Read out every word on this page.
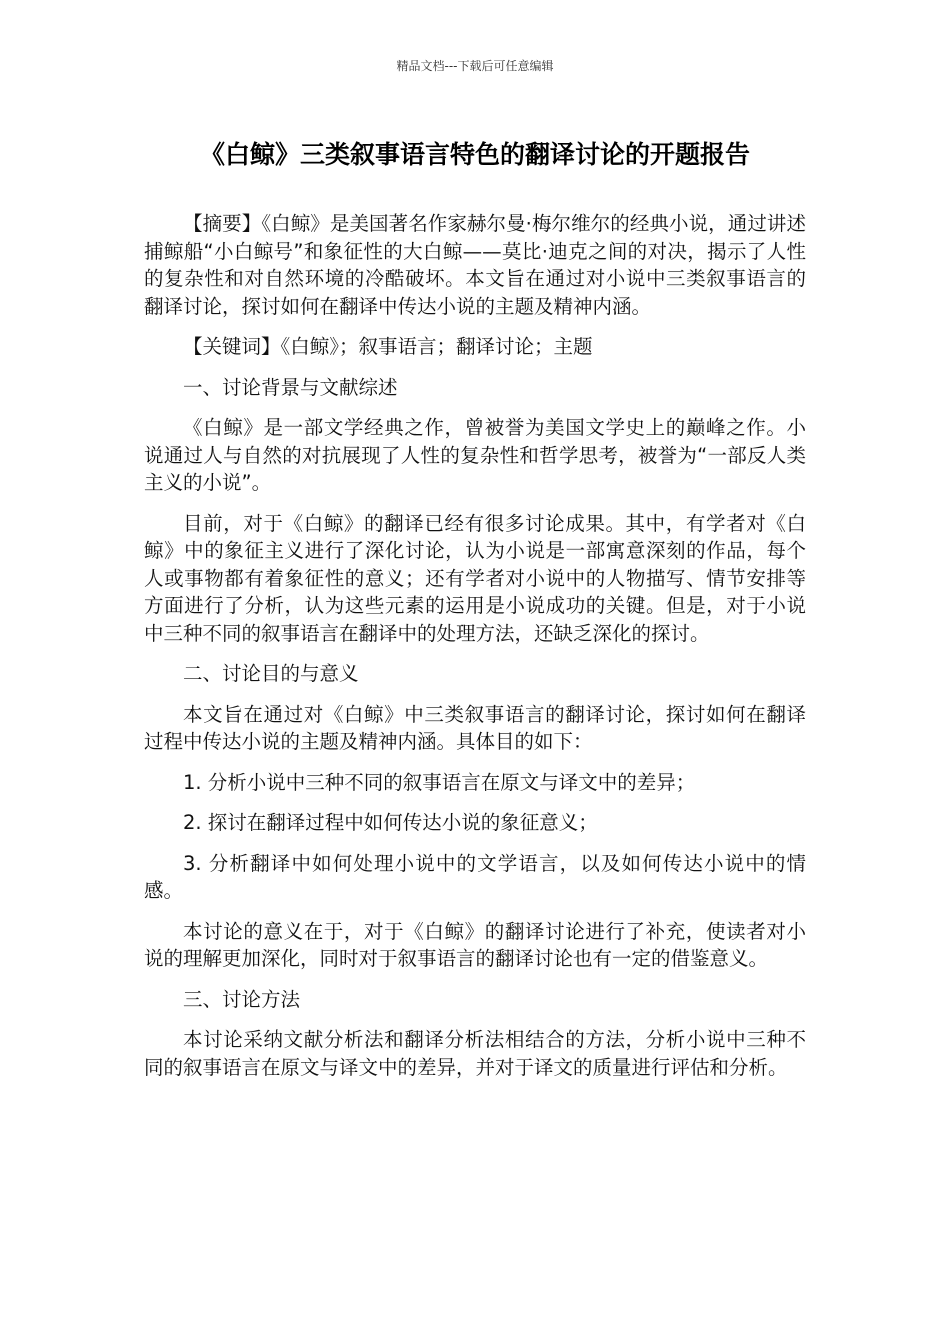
精品文档---下载后可任意编辑
《白鲸》三类叙事语言特色的翻译讨论的开题报告

【摘要】《白鲸》是美国著名作家赫尔曼·梅尔维尔的经典小说，通过讲述捕鲸船“小白鲸号”和象征性的大白鲸——莫比·迪克之间的对决，揭示了人性的复杂性和对自然环境的冷酷破坏。本文旨在通过对小说中三类叙事语言的翻译讨论，探讨如何在翻译中传达小说的主题及精神内涵。

【关键词】《白鲸》；叙事语言；翻译讨论；主题

一、讨论背景与文献综述

《白鲸》是一部文学经典之作，曾被誉为美国文学史上的巅峰之作。小说通过人与自然的对抗展现了人性的复杂性和哲学思考，被誉为“一部反人类主义的小说”。

目前，对于《白鲸》的翻译已经有很多讨论成果。其中，有学者对《白鲸》中的象征主义进行了深化讨论，认为小说是一部寓意深刻的作品，每个人或事物都有着象征性的意义；还有学者对小说中的人物描写、情节安排等方面进行了分析，认为这些元素的运用是小说成功的关键。但是，对于小说中三种不同的叙事语言在翻译中的处理方法，还缺乏深化的探讨。

二、讨论目的与意义

本文旨在通过对《白鲸》中三类叙事语言的翻译讨论，探讨如何在翻译过程中传达小说的主题及精神内涵。具体目的如下：

1. 分析小说中三种不同的叙事语言在原文与译文中的差异；

2. 探讨在翻译过程中如何传达小说的象征意义；

3. 分析翻译中如何处理小说中的文学语言，以及如何传达小说中的情感。

本讨论的意义在于，对于《白鲸》的翻译讨论进行了补充，使读者对小说的理解更加深化，同时对于叙事语言的翻译讨论也有一定的借鉴意义。

三、讨论方法

本讨论采纳文献分析法和翻译分析法相结合的方法，分析小说中三种不同的叙事语言在原文与译文中的差异，并对于译文的质量进行评估和分析。
